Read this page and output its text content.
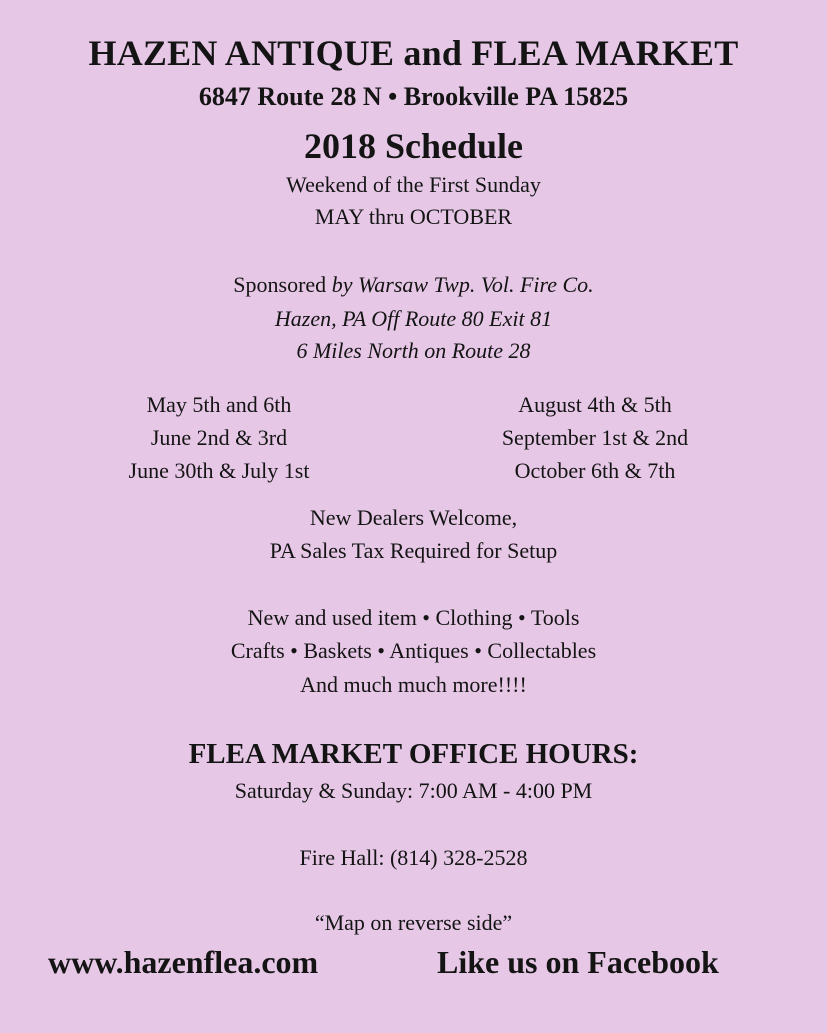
HAZEN ANTIQUE and FLEA MARKET
6847 Route 28 N • Brookville PA 15825
2018 Schedule
Weekend of the First Sunday
MAY thru OCTOBER
Sponsored by Warsaw Twp. Vol. Fire Co.
Hazen, PA Off Route 80 Exit 81
6 Miles North on Route 28
May 5th and 6th
June 2nd & 3rd
June 30th & July 1st
August 4th & 5th
September 1st & 2nd
October 6th & 7th
New Dealers Welcome,
PA Sales Tax Required for Setup
New and used item • Clothing • Tools
Crafts • Baskets • Antiques • Collectables
And much much more!!!!
FLEA MARKET OFFICE HOURS:
Saturday & Sunday: 7:00 AM - 4:00 PM
Fire Hall: (814) 328-2528
“Map on reverse side”
www.hazenflea.com	Like us on Facebook
